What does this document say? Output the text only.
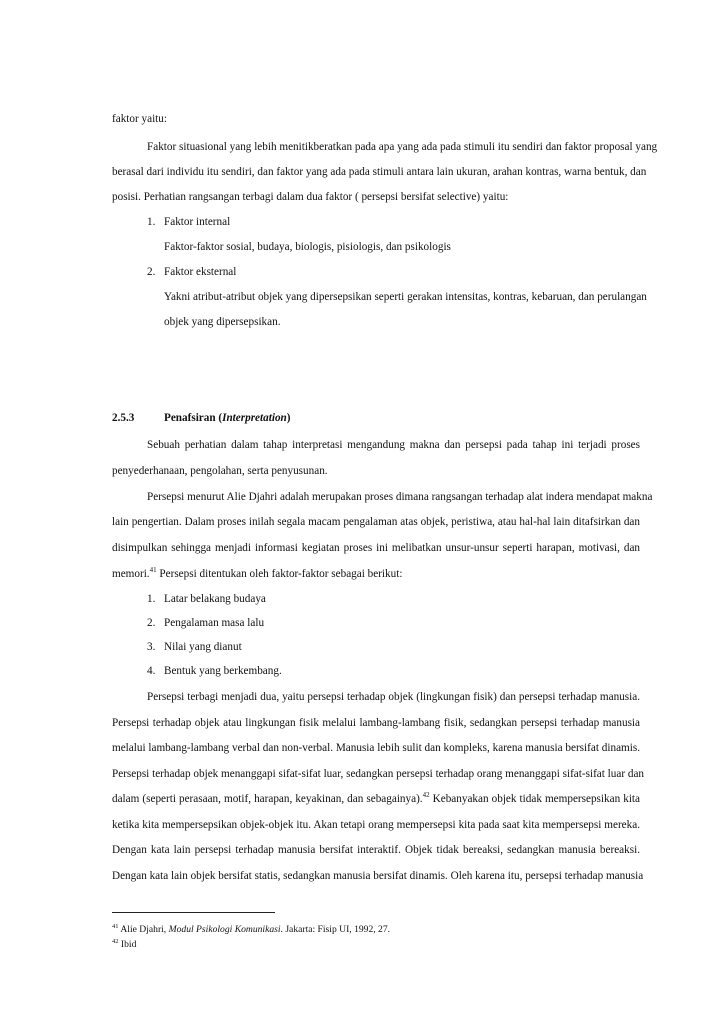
faktor yaitu:
Faktor situasional yang lebih menitikberatkan pada apa yang ada pada stimuli itu sendiri dan faktor proposal yang
berasal dari individu itu sendiri, dan faktor yang ada pada stimuli antara lain ukuran, arahan kontras, warna bentuk, dan
posisi. Perhatian rangsangan terbagi dalam dua faktor ( persepsi bersifat selective) yaitu:
1. Faktor internal
Faktor-faktor sosial, budaya, biologis, pisiologis, dan psikologis
2. Faktor eksternal
Yakni atribut-atribut objek yang dipersepsikan seperti gerakan intensitas, kontras, kebaruan, dan perulangan
objek yang dipersepsikan.
2.5.3	Penafsiran (Interpretation)
Sebuah perhatian dalam tahap interpretasi mengandung makna dan persepsi pada tahap ini terjadi proses
penyederhanaan, pengolahan, serta penyusunan.
Persepsi menurut Alie Djahri adalah merupakan proses dimana rangsangan terhadap alat indera mendapat makna
lain pengertian. Dalam proses inilah segala macam pengalaman atas objek, peristiwa, atau hal-hal lain ditafsirkan dan
disimpulkan sehingga menjadi informasi kegiatan proses ini melibatkan unsur-unsur seperti harapan, motivasi, dan
memori.$^{41}$ Persepsi ditentukan oleh faktor-faktor sebagai berikut:
1. Latar belakang budaya
2. Pengalaman masa lalu
3. Nilai yang dianut
4. Bentuk yang berkembang.
Persepsi terbagi menjadi dua, yaitu persepsi terhadap objek (lingkungan fisik) dan persepsi terhadap manusia.
Persepsi terhadap objek atau lingkungan fisik melalui lambang-lambang fisik, sedangkan persepsi terhadap manusia
melalui lambang-lambang verbal dan non-verbal. Manusia lebih sulit dan kompleks, karena manusia bersifat dinamis.
Persepsi terhadap objek menanggapi sifat-sifat luar, sedangkan persepsi terhadap orang menanggapi sifat-sifat luar dan
dalam (seperti perasaan, motif, harapan, keyakinan, dan sebagainya).$^{42}$ Kebanyakan objek tidak mempersepsikan kita
ketika kita mempersepsikan objek-objek itu. Akan tetapi orang mempersepsi kita pada saat kita mempersepsi mereka.
Dengan kata lain persepsi terhadap manusia bersifat interaktif. Objek tidak bereaksi, sedangkan manusia bereaksi.
Dengan kata lain objek bersifat statis, sedangkan manusia bersifat dinamis. Oleh karena itu, persepsi terhadap manusia
$^{41}$ Alie Djahri, Modul Psikologi Komunikasi. Jakarta: Fisip UI, 1992, 27.
$^{42}$ Ibid
